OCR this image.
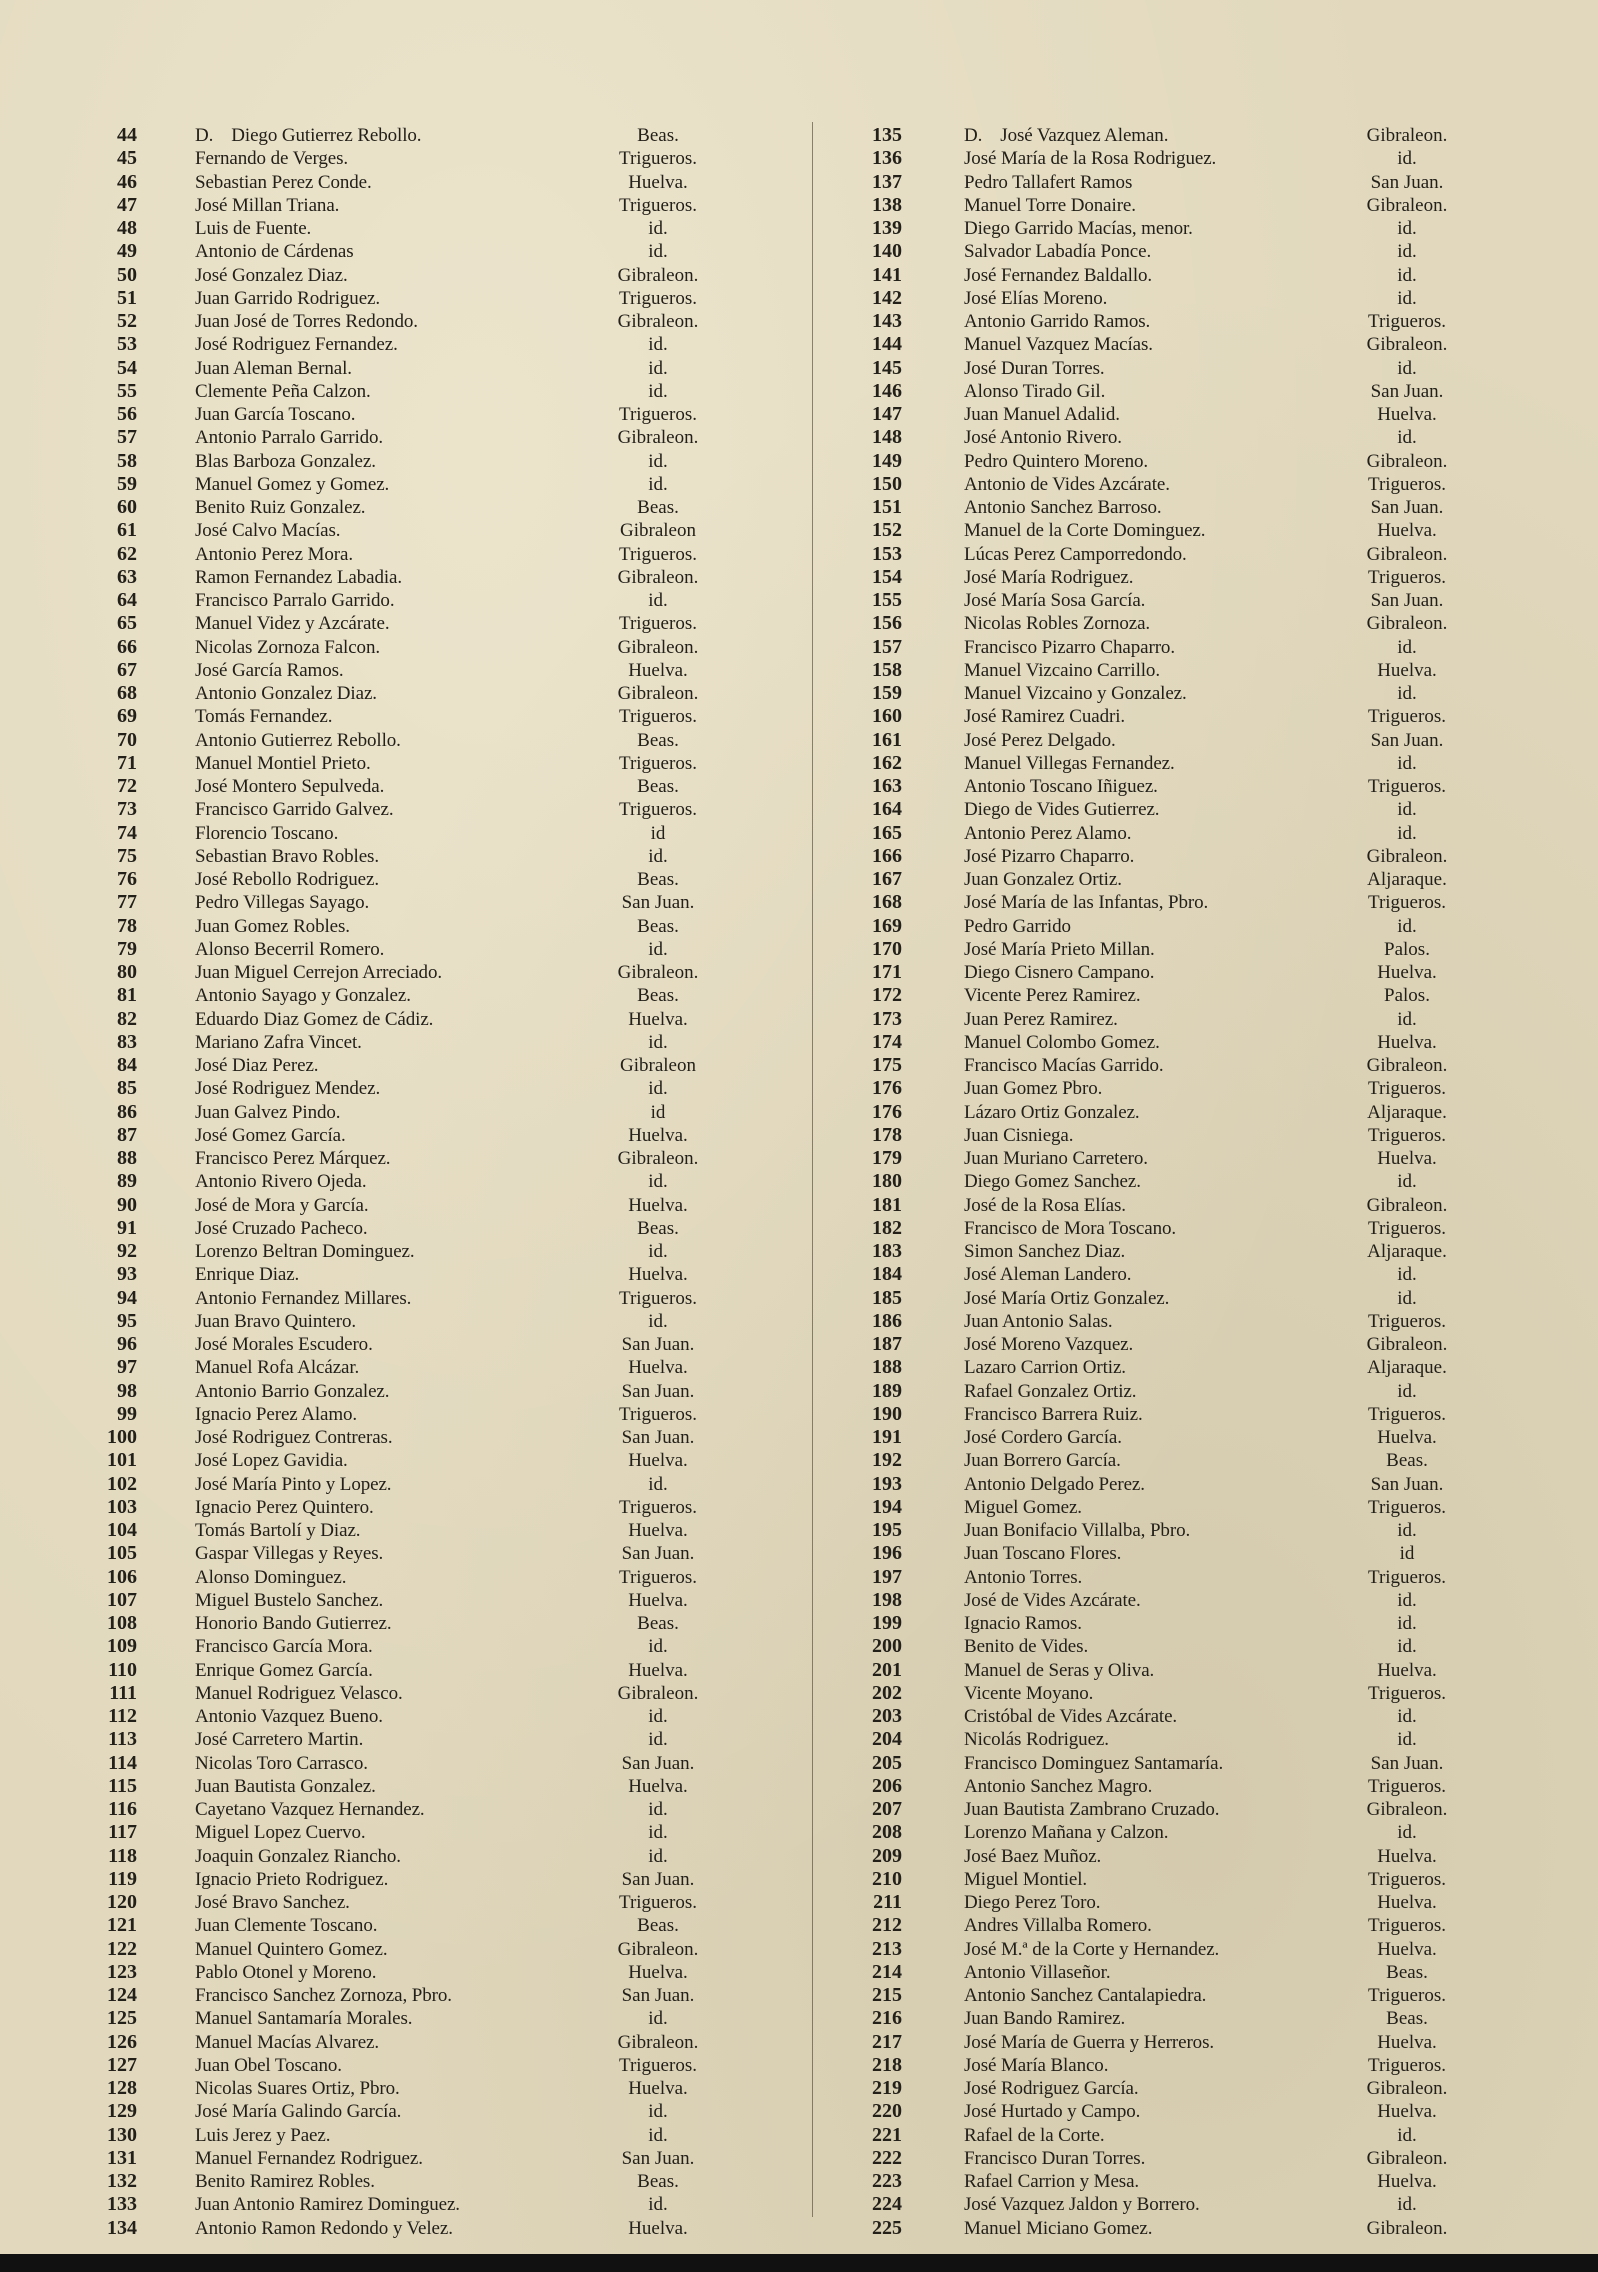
44	D. Diego Gutierrez Rebollo.	Beas.
45	Fernando de Verges.	Trigueros.
46	Sebastian Perez Conde.	Huelva.
47	José Millan Triana.	Trigueros.
48	Luis de Fuente.	id.
49	Antonio de Cárdenas	id.
50	José Gonzalez Diaz.	Gibraleon.
51	Juan Garrido Rodriguez.	Trigueros.
52	Juan José de Torres Redondo.	Gibraleon.
53	José Rodriguez Fernandez.	id.
54	Juan Aleman Bernal.	id.
55	Clemente Peña Calzon.	id.
56	Juan García Toscano.	Trigueros.
57	Antonio Parralo Garrido.	Gibraleon.
58	Blas Barboza Gonzalez.	id.
59	Manuel Gomez y Gomez.	id.
60	Benito Ruiz Gonzalez.	Beas.
61	José Calvo Macías.	Gibraleon
62	Antonio Perez Mora.	Trigueros.
63	Ramon Fernandez Labadia.	Gibraleon.
64	Francisco Parralo Garrido.	id.
65	Manuel Videz y Azcárate.	Trigueros.
66	Nicolas Zornoza Falcon.	Gibraleon.
67	José García Ramos.	Huelva.
68	Antonio Gonzalez Diaz.	Gibraleon.
69	Tomás Fernandez.	Trigueros.
70	Antonio Gutierrez Rebollo.	Beas.
71	Manuel Montiel Prieto.	Trigueros.
72	José Montero Sepulveda.	Beas.
73	Francisco Garrido Galvez.	Trigueros.
74	Florencio Toscano.	id
75	Sebastian Bravo Robles.	id.
76	José Rebollo Rodriguez.	Beas.
77	Pedro Villegas Sayago.	San Juan.
78	Juan Gomez Robles.	Beas.
79	Alonso Becerril Romero.	id.
80	Juan Miguel Cerrejon Arreciado.	Gibraleon.
81	Antonio Sayago y Gonzalez.	Beas.
82	Eduardo Diaz Gomez de Cádiz.	Huelva.
83	Mariano Zafra Vincet.	id.
84	José Diaz Perez.	Gibraleon
85	José Rodriguez Mendez.	id.
86	Juan Galvez Pindo.	id
87	José Gomez García.	Huelva.
88	Francisco Perez Márquez.	Gibraleon.
89	Antonio Rivero Ojeda.	id.
90	José de Mora y García.	Huelva.
91	José Cruzado Pacheco.	Beas.
92	Lorenzo Beltran Dominguez.	id.
93	Enrique Diaz.	Huelva.
94	Antonio Fernandez Millares.	Trigueros.
95	Juan Bravo Quintero.	id.
96	José Morales Escudero.	San Juan.
97	Manuel Rofa Alcázar.	Huelva.
98	Antonio Barrio Gonzalez.	San Juan.
99	Ignacio Perez Alamo.	Trigueros.
100	José Rodriguez Contreras.	San Juan.
101	José Lopez Gavidia.	Huelva.
102	José María Pinto y Lopez.	id.
103	Ignacio Perez Quintero.	Trigueros.
104	Tomás Bartolí y Diaz.	Huelva.
105	Gaspar Villegas y Reyes.	San Juan.
106	Alonso Dominguez.	Trigueros.
107	Miguel Bustelo Sanchez.	Huelva.
108	Honorio Bando Gutierrez.	Beas.
109	Francisco García Mora.	id.
110	Enrique Gomez García.	Huelva.
111	Manuel Rodriguez Velasco.	Gibraleon.
112	Antonio Vazquez Bueno.	id.
113	José Carretero Martin.	id.
114	Nicolas Toro Carrasco.	San Juan.
115	Juan Bautista Gonzalez.	Huelva.
116	Cayetano Vazquez Hernandez.	id.
117	Miguel Lopez Cuervo.	id.
118	Joaquin Gonzalez Riancho.	id.
119	Ignacio Prieto Rodriguez.	San Juan.
120	José Bravo Sanchez.	Trigueros.
121	Juan Clemente Toscano.	Beas.
122	Manuel Quintero Gomez.	Gibraleon.
123	Pablo Otonel y Moreno.	Huelva.
124	Francisco Sanchez Zornoza, Pbro.	San Juan.
125	Manuel Santamaría Morales.	id.
126	Manuel Macías Alvarez.	Gibraleon.
127	Juan Obel Toscano.	Trigueros.
128	Nicolas Suares Ortiz, Pbro.	Huelva.
129	José María Galindo García.	id.
130	Luis Jerez y Paez.	id.
131	Manuel Fernandez Rodriguez.	San Juan.
132	Benito Ramirez Robles.	Beas.
133	Juan Antonio Ramirez Dominguez.	id.
134	Antonio Ramon Redondo y Velez.	Huelva.
135	D. José Vazquez Aleman.	Gibraleon.
136	José María de la Rosa Rodriguez.	id.
137	Pedro Tallafert Ramos	San Juan.
138	Manuel Torre Donaire.	Gibraleon.
139	Diego Garrido Macías, menor.	id.
140	Salvador Labadía Ponce.	id.
141	José Fernandez Baldallo.	id.
142	José Elías Moreno.	id.
143	Antonio Garrido Ramos.	Trigueros.
144	Manuel Vazquez Macías.	Gibraleon.
145	José Duran Torres.	id.
146	Alonso Tirado Gil.	San Juan.
147	Juan Manuel Adalid.	Huelva.
148	José Antonio Rivero.	id.
149	Pedro Quintero Moreno.	Gibraleon.
150	Antonio de Vides Azcárate.	Trigueros.
151	Antonio Sanchez Barroso.	San Juan.
152	Manuel de la Corte Dominguez.	Huelva.
153	Lúcas Perez Camporredondo.	Gibraleon.
154	José María Rodriguez.	Trigueros.
155	José María Sosa García.	San Juan.
156	Nicolas Robles Zornoza.	Gibraleon.
157	Francisco Pizarro Chaparro.	id.
158	Manuel Vizcaino Carrillo.	Huelva.
159	Manuel Vizcaino y Gonzalez.	id.
160	José Ramirez Cuadri.	Trigueros.
161	José Perez Delgado.	San Juan.
162	Manuel Villegas Fernandez.	id.
163	Antonio Toscano Iñiguez.	Trigueros.
164	Diego de Vides Gutierrez.	id.
165	Antonio Perez Alamo.	id.
166	José Pizarro Chaparro.	Gibraleon.
167	Juan Gonzalez Ortiz.	Aljaraque.
168	José María de las Infantas, Pbro.	Trigueros.
169	Pedro Garrido	id.
170	José María Prieto Millan.	Palos.
171	Diego Cisnero Campano.	Huelva.
172	Vicente Perez Ramirez.	Palos.
173	Juan Perez Ramirez.	id.
174	Manuel Colombo Gomez.	Huelva.
175	Francisco Macías Garrido.	Gibraleon.
176	Juan Gomez Pbro.	Trigueros.
176	Lázaro Ortiz Gonzalez.	Aljaraque.
178	Juan Cisniega.	Trigueros.
179	Juan Muriano Carretero.	Huelva.
180	Diego Gomez Sanchez.	id.
181	José de la Rosa Elías.	Gibraleon.
182	Francisco de Mora Toscano.	Trigueros.
183	Simon Sanchez Diaz.	Aljaraque.
184	José Aleman Landero.	id.
185	José María Ortiz Gonzalez.	id.
186	Juan Antonio Salas.	Trigueros.
187	José Moreno Vazquez.	Gibraleon.
188	Lazaro Carrion Ortiz.	Aljaraque.
189	Rafael Gonzalez Ortiz.	id.
190	Francisco Barrera Ruiz.	Trigueros.
191	José Cordero García.	Huelva.
192	Juan Borrero García.	Beas.
193	Antonio Delgado Perez.	San Juan.
194	Miguel Gomez.	Trigueros.
195	Juan Bonifacio Villalba, Pbro.	id.
196	Juan Toscano Flores.	id
197	Antonio Torres.	Trigueros.
198	José de Vides Azcárate.	id.
199	Ignacio Ramos.	id.
200	Benito de Vides.	id.
201	Manuel de Seras y Oliva.	Huelva.
202	Vicente Moyano.	Trigueros.
203	Cristóbal de Vides Azcárate.	id.
204	Nicolás Rodriguez.	id.
205	Francisco Dominguez Santamaría.	San Juan.
206	Antonio Sanchez Magro.	Trigueros.
207	Juan Bautista Zambrano Cruzado.	Gibraleon.
208	Lorenzo Mañana y Calzon.	id.
209	José Baez Muñoz.	Huelva.
210	Miguel Montiel.	Trigueros.
211	Diego Perez Toro.	Huelva.
212	Andres Villalba Romero.	Trigueros.
213	José M.ª de la Corte y Hernandez.	Huelva.
214	Antonio Villaseñor.	Beas.
215	Antonio Sanchez Cantalapiedra.	Trigueros.
216	Juan Bando Ramirez.	Beas.
217	José María de Guerra y Herreros.	Huelva.
218	José María Blanco.	Trigueros.
219	José Rodriguez García.	Gibraleon.
220	José Hurtado y Campo.	Huelva.
221	Rafael de la Corte.	id.
222	Francisco Duran Torres.	Gibraleon.
223	Rafael Carrion y Mesa.	Huelva.
224	José Vazquez Jaldon y Borrero.	id.
225	Manuel Miciano Gomez.	Gibraleon.
